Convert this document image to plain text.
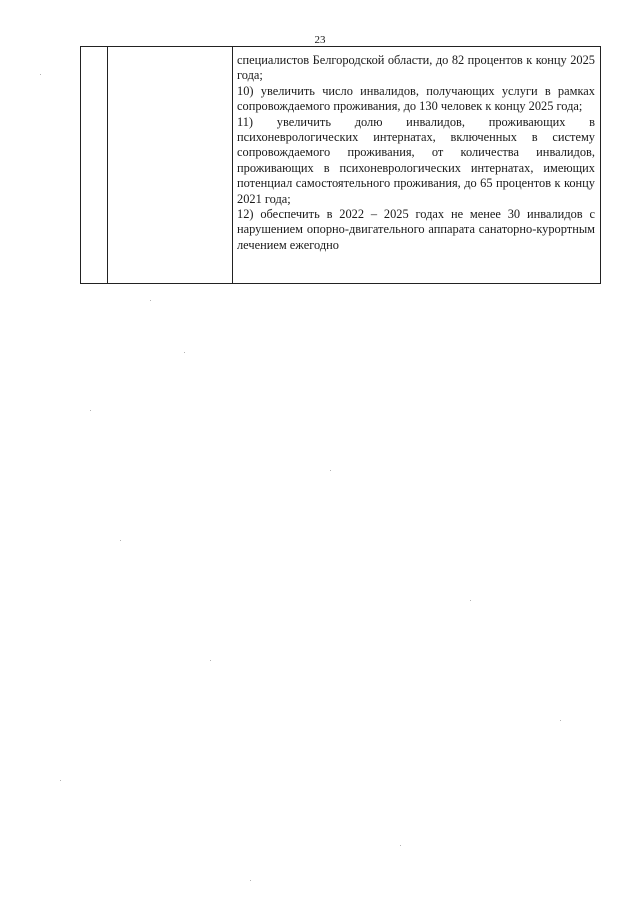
23

специалистов Белгородской области, до 82 процентов к концу 2025 года;

10) увеличить число инвалидов, получающих услуги в рамках сопровождаемого проживания, до 130 человек к концу 2025 года;

11) увеличить долю инвалидов, проживающих в психоневрологических интернатах, включенных в систему сопровождаемого проживания, от количества инвалидов, проживающих в психоневрологических интернатах, имеющих потенциал самостоятельного проживания, до 65 процентов к концу 2021 года;

12) обеспечить в 2022 – 2025 годах не менее 30 инвалидов с нарушением опорно-двигательного аппарата санаторно-курортным лечением ежегодно
